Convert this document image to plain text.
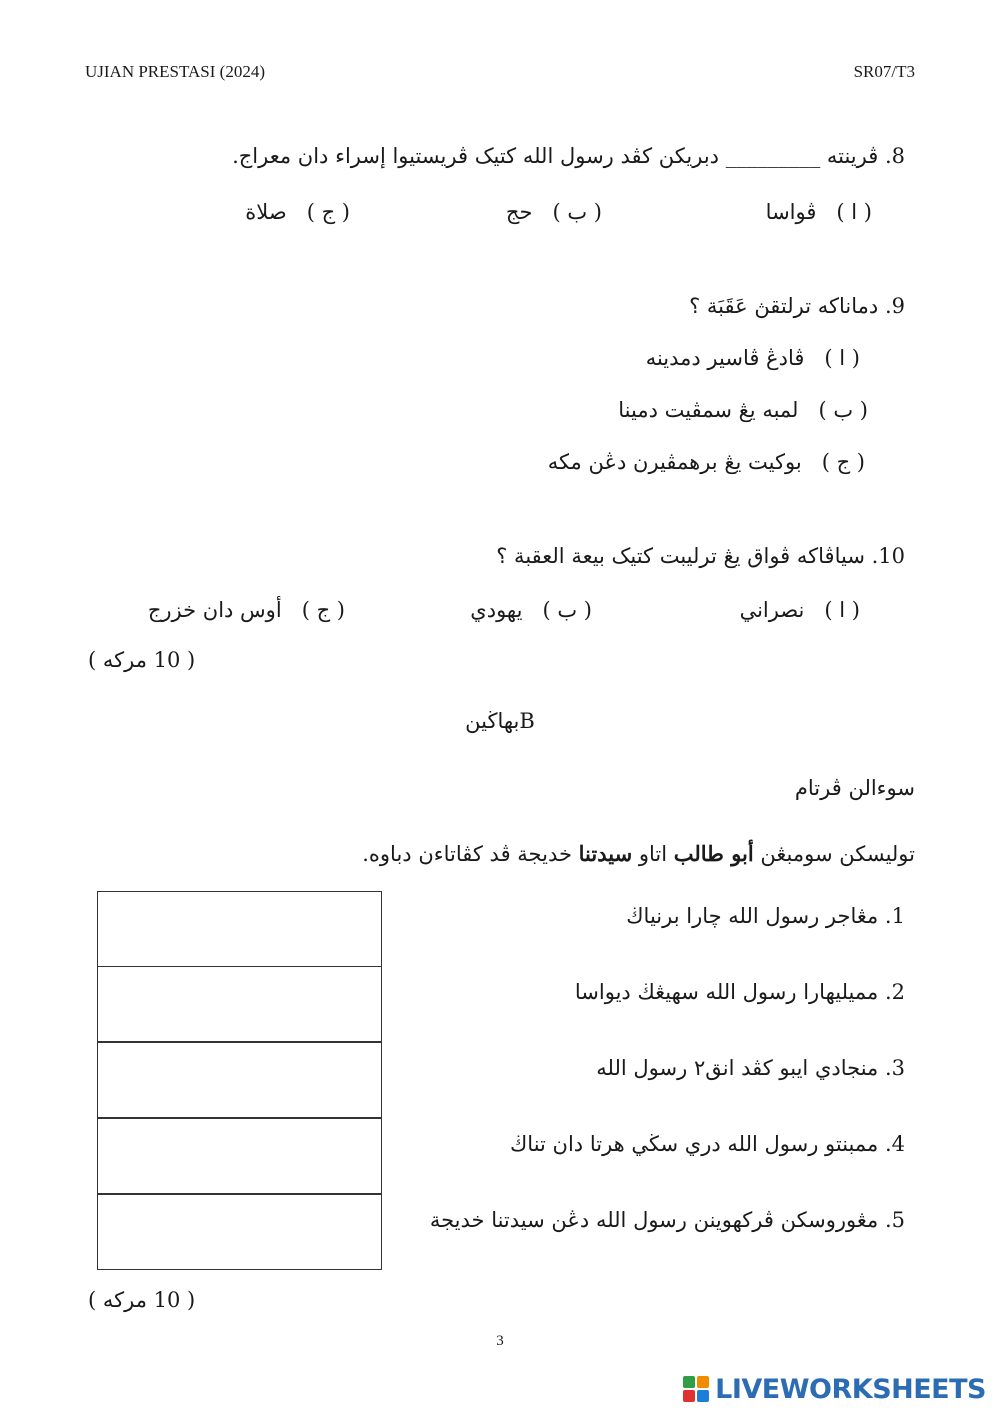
UJIAN PRESTASI (2024)	SR07/T3
8. ڤرينته _________ دبريكن كڤد رسول الله كتيک ڤريستيوا إسراء دان معراج.
( ا )   ڤواسا
( ب )   حج
( ج )   صلاة
9. دماناكه ترلتقڽ عَقَبَة ؟
( ا )   ڤادڠ ڤاسير دمدينه
( ب )   لمبه يڠ سمڤيت دمينا
( ج )   بوكيت يڠ برهمڤيرن دڠن مكه
10. سياڤاكه ڤواق يڠ ترليبت كتيک بيعة العقبة ؟
( ا )   نصراني
( ب )   يهودي
( ج )   أوس دان خزرج
( 10 مركه )
بهاڬينB
سوءالن ڤرتام
توليسكن سومبڠن أبو طالب اتاو سيدتنا خديجة ڤد كڤاتاءن دباوه.
1. مڠاجر رسول الله چارا برنياڬ
2. مميليهارا رسول الله سهيڠڬ ديواسا
3. منجادي ايبو كڤد انق٢ رسول الله
4. ممبنتو رسول الله دري سڬي هرتا دان تناڬ
5. مڠوروسكن ڤركهوينن رسول الله دڠن سيدتنا خديجة
( 10 مركه )
3
LIVEWORKSHEETS
